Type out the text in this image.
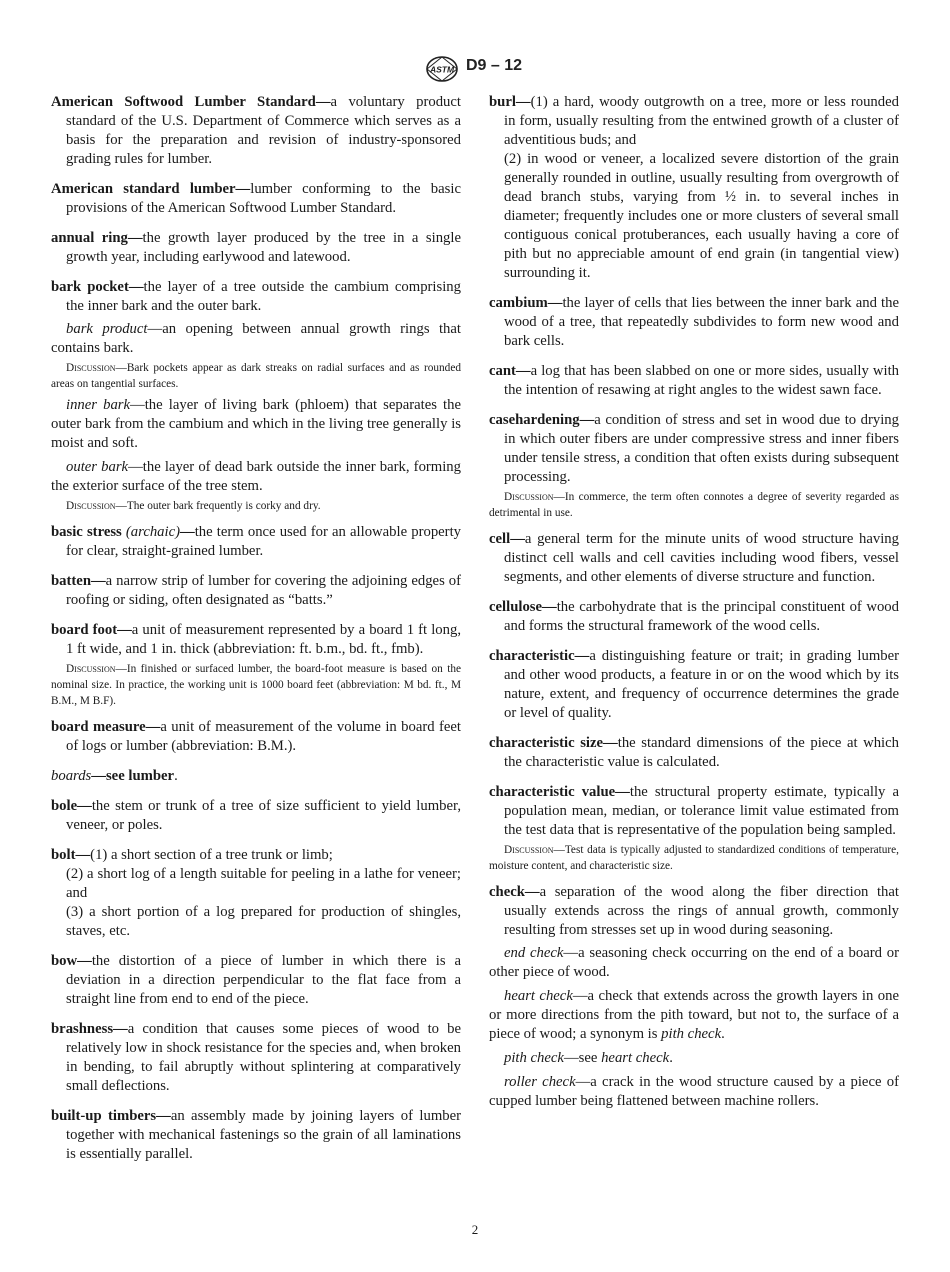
ASTM D9 – 12

American Softwood Lumber Standard—a voluntary product standard of the U.S. Department of Commerce which serves as a basis for the preparation and revision of industry-sponsored grading rules for lumber.

American standard lumber—lumber conforming to the basic provisions of the American Softwood Lumber Standard.

annual ring—the growth layer produced by the tree in a single growth year, including earlywood and latewood.

bark pocket—the layer of a tree outside the cambium comprising the inner bark and the outer bark.

bark product—an opening between annual growth rings that contains bark.

Discussion—Bark pockets appear as dark streaks on radial surfaces and as rounded areas on tangential surfaces.

inner bark—the layer of living bark (phloem) that separates the outer bark from the cambium and which in the living tree generally is moist and soft.

outer bark—the layer of dead bark outside the inner bark, forming the exterior surface of the tree stem.

Discussion—The outer bark frequently is corky and dry.

basic stress (archaic)—the term once used for an allowable property for clear, straight-grained lumber.

batten—a narrow strip of lumber for covering the adjoining edges of roofing or siding, often designated as “batts.”

board foot—a unit of measurement represented by a board 1 ft long, 1 ft wide, and 1 in. thick (abbreviation: ft. b.m., bd. ft., fmb).

Discussion—In finished or surfaced lumber, the board-foot measure is based on the nominal size. In practice, the working unit is 1000 board feet (abbreviation: M bd. ft., M B.M., M B.F).

board measure—a unit of measurement of the volume in board feet of logs or lumber (abbreviation: B.M.).

boards—see lumber.

bole—the stem or trunk of a tree of size sufficient to yield lumber, veneer, or poles.

bolt—(1) a short section of a tree trunk or limb;
(2) a short log of a length suitable for peeling in a lathe for veneer; and
(3) a short portion of a log prepared for production of shingles, staves, etc.

bow—the distortion of a piece of lumber in which there is a deviation in a direction perpendicular to the flat face from a straight line from end to end of the piece.

brashness—a condition that causes some pieces of wood to be relatively low in shock resistance for the species and, when broken in bending, to fail abruptly without splintering at comparatively small deflections.

built-up timbers—an assembly made by joining layers of lumber together with mechanical fastenings so the grain of all laminations is essentially parallel.

burl—(1) a hard, woody outgrowth on a tree, more or less rounded in form, usually resulting from the entwined growth of a cluster of adventitious buds; and
(2) in wood or veneer, a localized severe distortion of the grain generally rounded in outline, usually resulting from overgrowth of dead branch stubs, varying from ½ in. to several inches in diameter; frequently includes one or more clusters of several small contiguous conical protuberances, each usually having a core of pith but no appreciable amount of end grain (in tangential view) surrounding it.

cambium—the layer of cells that lies between the inner bark and the wood of a tree, that repeatedly subdivides to form new wood and bark cells.

cant—a log that has been slabbed on one or more sides, usually with the intention of resawing at right angles to the widest sawn face.

casehardening—a condition of stress and set in wood due to drying in which outer fibers are under compressive stress and inner fibers under tensile stress, a condition that often exists during subsequent processing.

Discussion—In commerce, the term often connotes a degree of severity regarded as detrimental in use.

cell—a general term for the minute units of wood structure having distinct cell walls and cell cavities including wood fibers, vessel segments, and other elements of diverse structure and function.

cellulose—the carbohydrate that is the principal constituent of wood and forms the structural framework of the wood cells.

characteristic—a distinguishing feature or trait; in grading lumber and other wood products, a feature in or on the wood which by its nature, extent, and frequency of occurrence determines the grade or level of quality.

characteristic size—the standard dimensions of the piece at which the characteristic value is calculated.

characteristic value—the structural property estimate, typically a population mean, median, or tolerance limit value estimated from the test data that is representative of the population being sampled.

Discussion—Test data is typically adjusted to standardized conditions of temperature, moisture content, and characteristic size.

check—a separation of the wood along the fiber direction that usually extends across the rings of annual growth, commonly resulting from stresses set up in wood during seasoning.

end check—a seasoning check occurring on the end of a board or other piece of wood.

heart check—a check that extends across the growth layers in one or more directions from the pith toward, but not to, the surface of a piece of wood; a synonym is pith check.

pith check—see heart check.

roller check—a crack in the wood structure caused by a piece of cupped lumber being flattened between machine rollers.

2
